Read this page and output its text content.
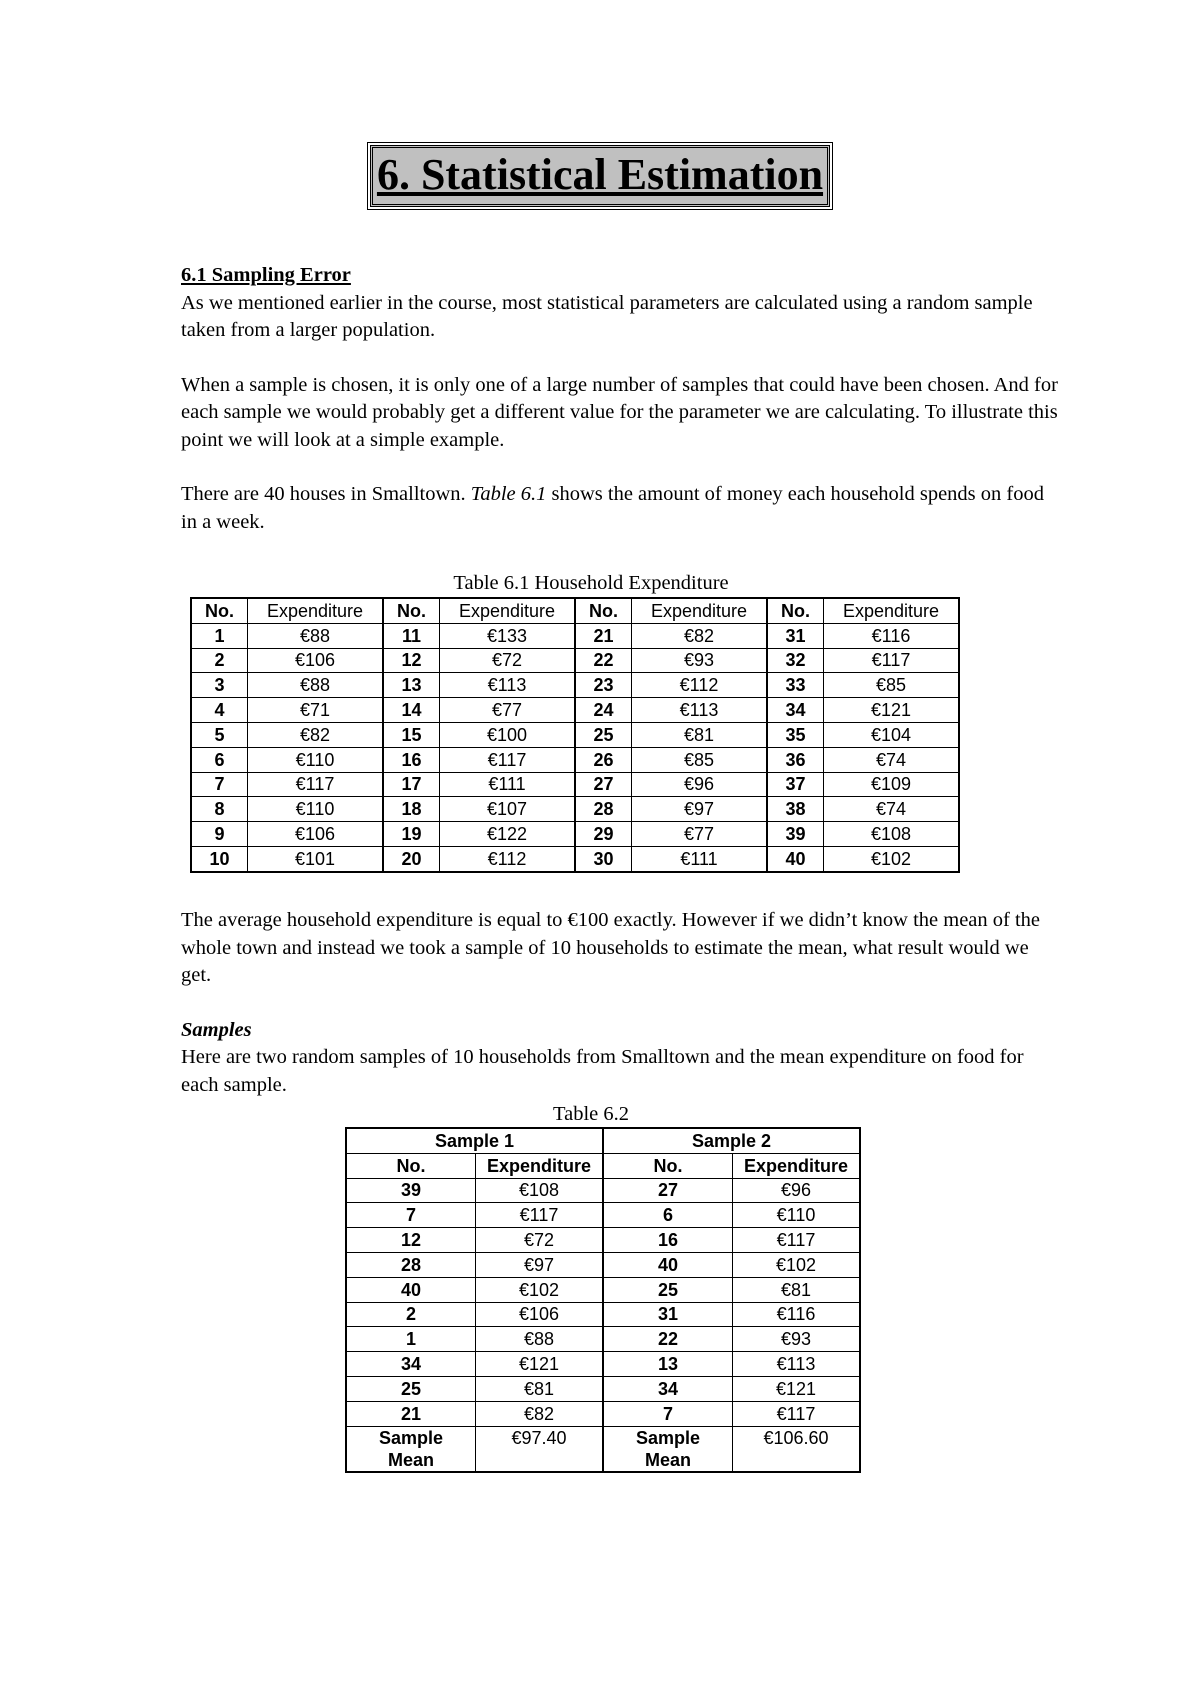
6. Statistical Estimation

6.1 Sampling Error

As we mentioned earlier in the course, most statistical parameters are calculated using a random sample taken from a larger population.

When a sample is chosen, it is only one of a large number of samples that could have been chosen. And for each sample we would probably get a different value for the parameter we are calculating. To illustrate this point we will look at a simple example.

There are 40 houses in Smalltown. Table 6.1 shows the amount of money each household spends on food in a week.

Table 6.1 Household Expenditure
No.	Expenditure	No.	Expenditure	No.	Expenditure	No.	Expenditure
1	€88	11	€133	21	€82	31	€116
2	€106	12	€72	22	€93	32	€117
3	€88	13	€113	23	€112	33	€85
4	€71	14	€77	24	€113	34	€121
5	€82	15	€100	25	€81	35	€104
6	€110	16	€117	26	€85	36	€74
7	€117	17	€111	27	€96	37	€109
8	€110	18	€107	28	€97	38	€74
9	€106	19	€122	29	€77	39	€108
10	€101	20	€112	30	€111	40	€102

The average household expenditure is equal to €100 exactly. However if we didn’t know the mean of the whole town and instead we took a sample of 10 households to estimate the mean, what result would we get.

Samples

Here are two random samples of 10 households from Smalltown and the mean expenditure on food for each sample.

Table 6.2
Sample 1		Sample 2	
No.	Expenditure	No.	Expenditure
39	€108	27	€96
7	€117	6	€110
12	€72	16	€117
28	€97	40	€102
40	€102	25	€81
2	€106	31	€116
1	€88	22	€93
34	€121	13	€113
25	€81	34	€121
21	€82	7	€117
Sample
Mean	€97.40	Sample
Mean	€106.60
